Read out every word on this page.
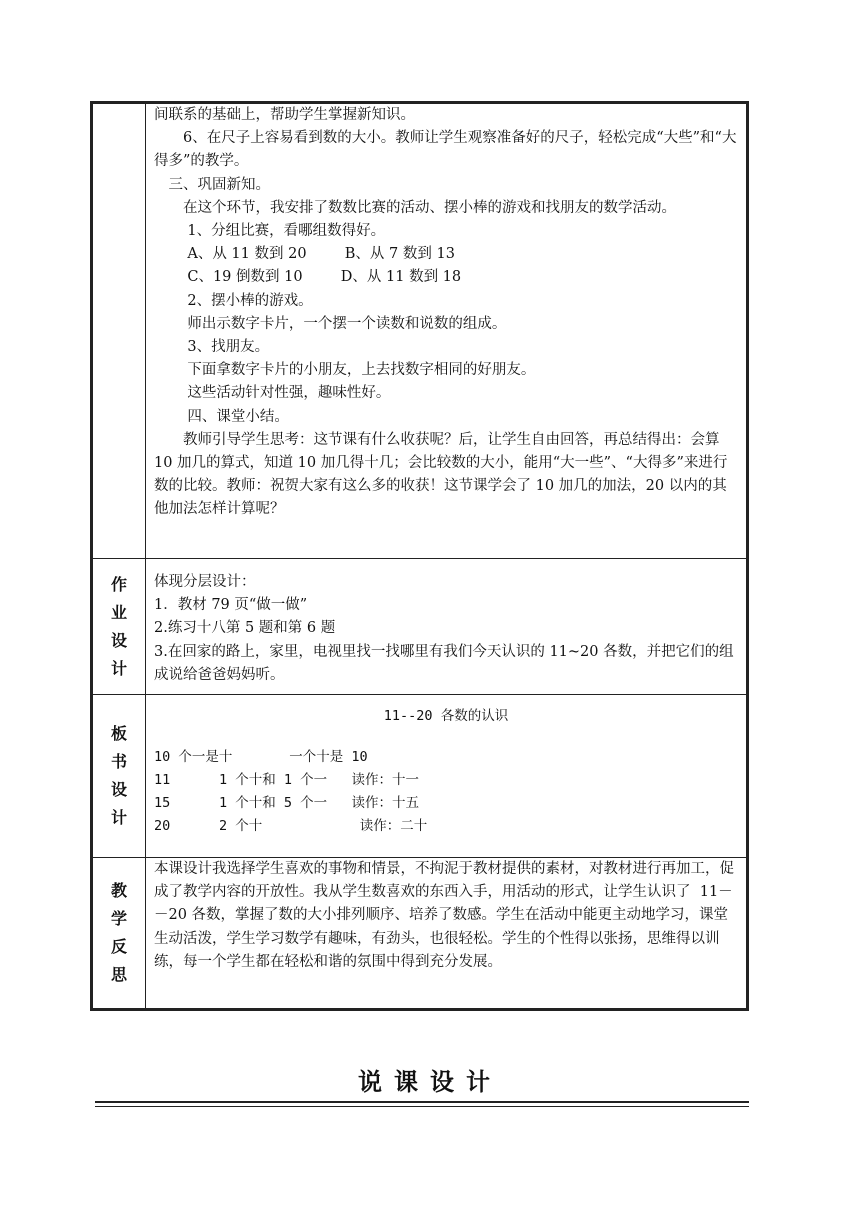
间联系的基础上，帮助学生掌握新知识。

6、在尺子上容易看到数的大小。教师让学生观察准备好的尺子，轻松完成“大些”和“大得多”的教学。

三、巩固新知。

在这个环节，我安排了数数比赛的活动、摆小棒的游戏和找朋友的数学活动。

1、分组比赛，看哪组数得好。

A、从 11 数到 20　　  B、从 7 数到 13

C、19 倒数到 10　　  D、从 11 数到 18

2、摆小棒的游戏。

师出示数字卡片，一个摆一个读数和说数的组成。

3、找朋友。

下面拿数字卡片的小朋友，上去找数字相同的好朋友。

这些活动针对性强，趣味性好。

四、课堂小结。

教师引导学生思考：这节课有什么收获呢？后，让学生自由回答，再总结得出：会算 10 加几的算式，知道 10 加几得十几；会比较数的大小，能用“大一些”、“大得多”来进行数的比较。教师：祝贺大家有这么多的收获！这节课学会了 10 加几的加法，20 以内的其他加法怎样计算呢？

作
业
设
计

体现分层设计：

1．教材 79 页“做一做”

2.练习十八第 5 题和第 6 题

3.在回家的路上，家里，电视里找一找哪里有我们今天认识的 11~20 各数，并把它们的组成说给爸爸妈妈听。

板
书
设
计
11--20 各数的认识
10 个一是十       一个十是 10
11      1 个十和 1 个一   读作：十一
15      1 个十和 5 个一   读作：十五
20      2 个十            读作：二十
教
学
反
思

本课设计我选择学生喜欢的事物和情景，不拘泥于教材提供的素材，对教材进行再加工，促成了教学内容的开放性。我从学生数喜欢的东西入手，用活动的形式，让学生认识了  11－－20 各数，掌握了数的大小排列顺序、培养了数感。学生在活动中能更主动地学习，课堂生动活泼，学生学习数学有趣味，有劲头，也很轻松。学生的个性得以张扬，思维得以训练，每一个学生都在轻松和谐的氛围中得到充分发展。

说课设计
